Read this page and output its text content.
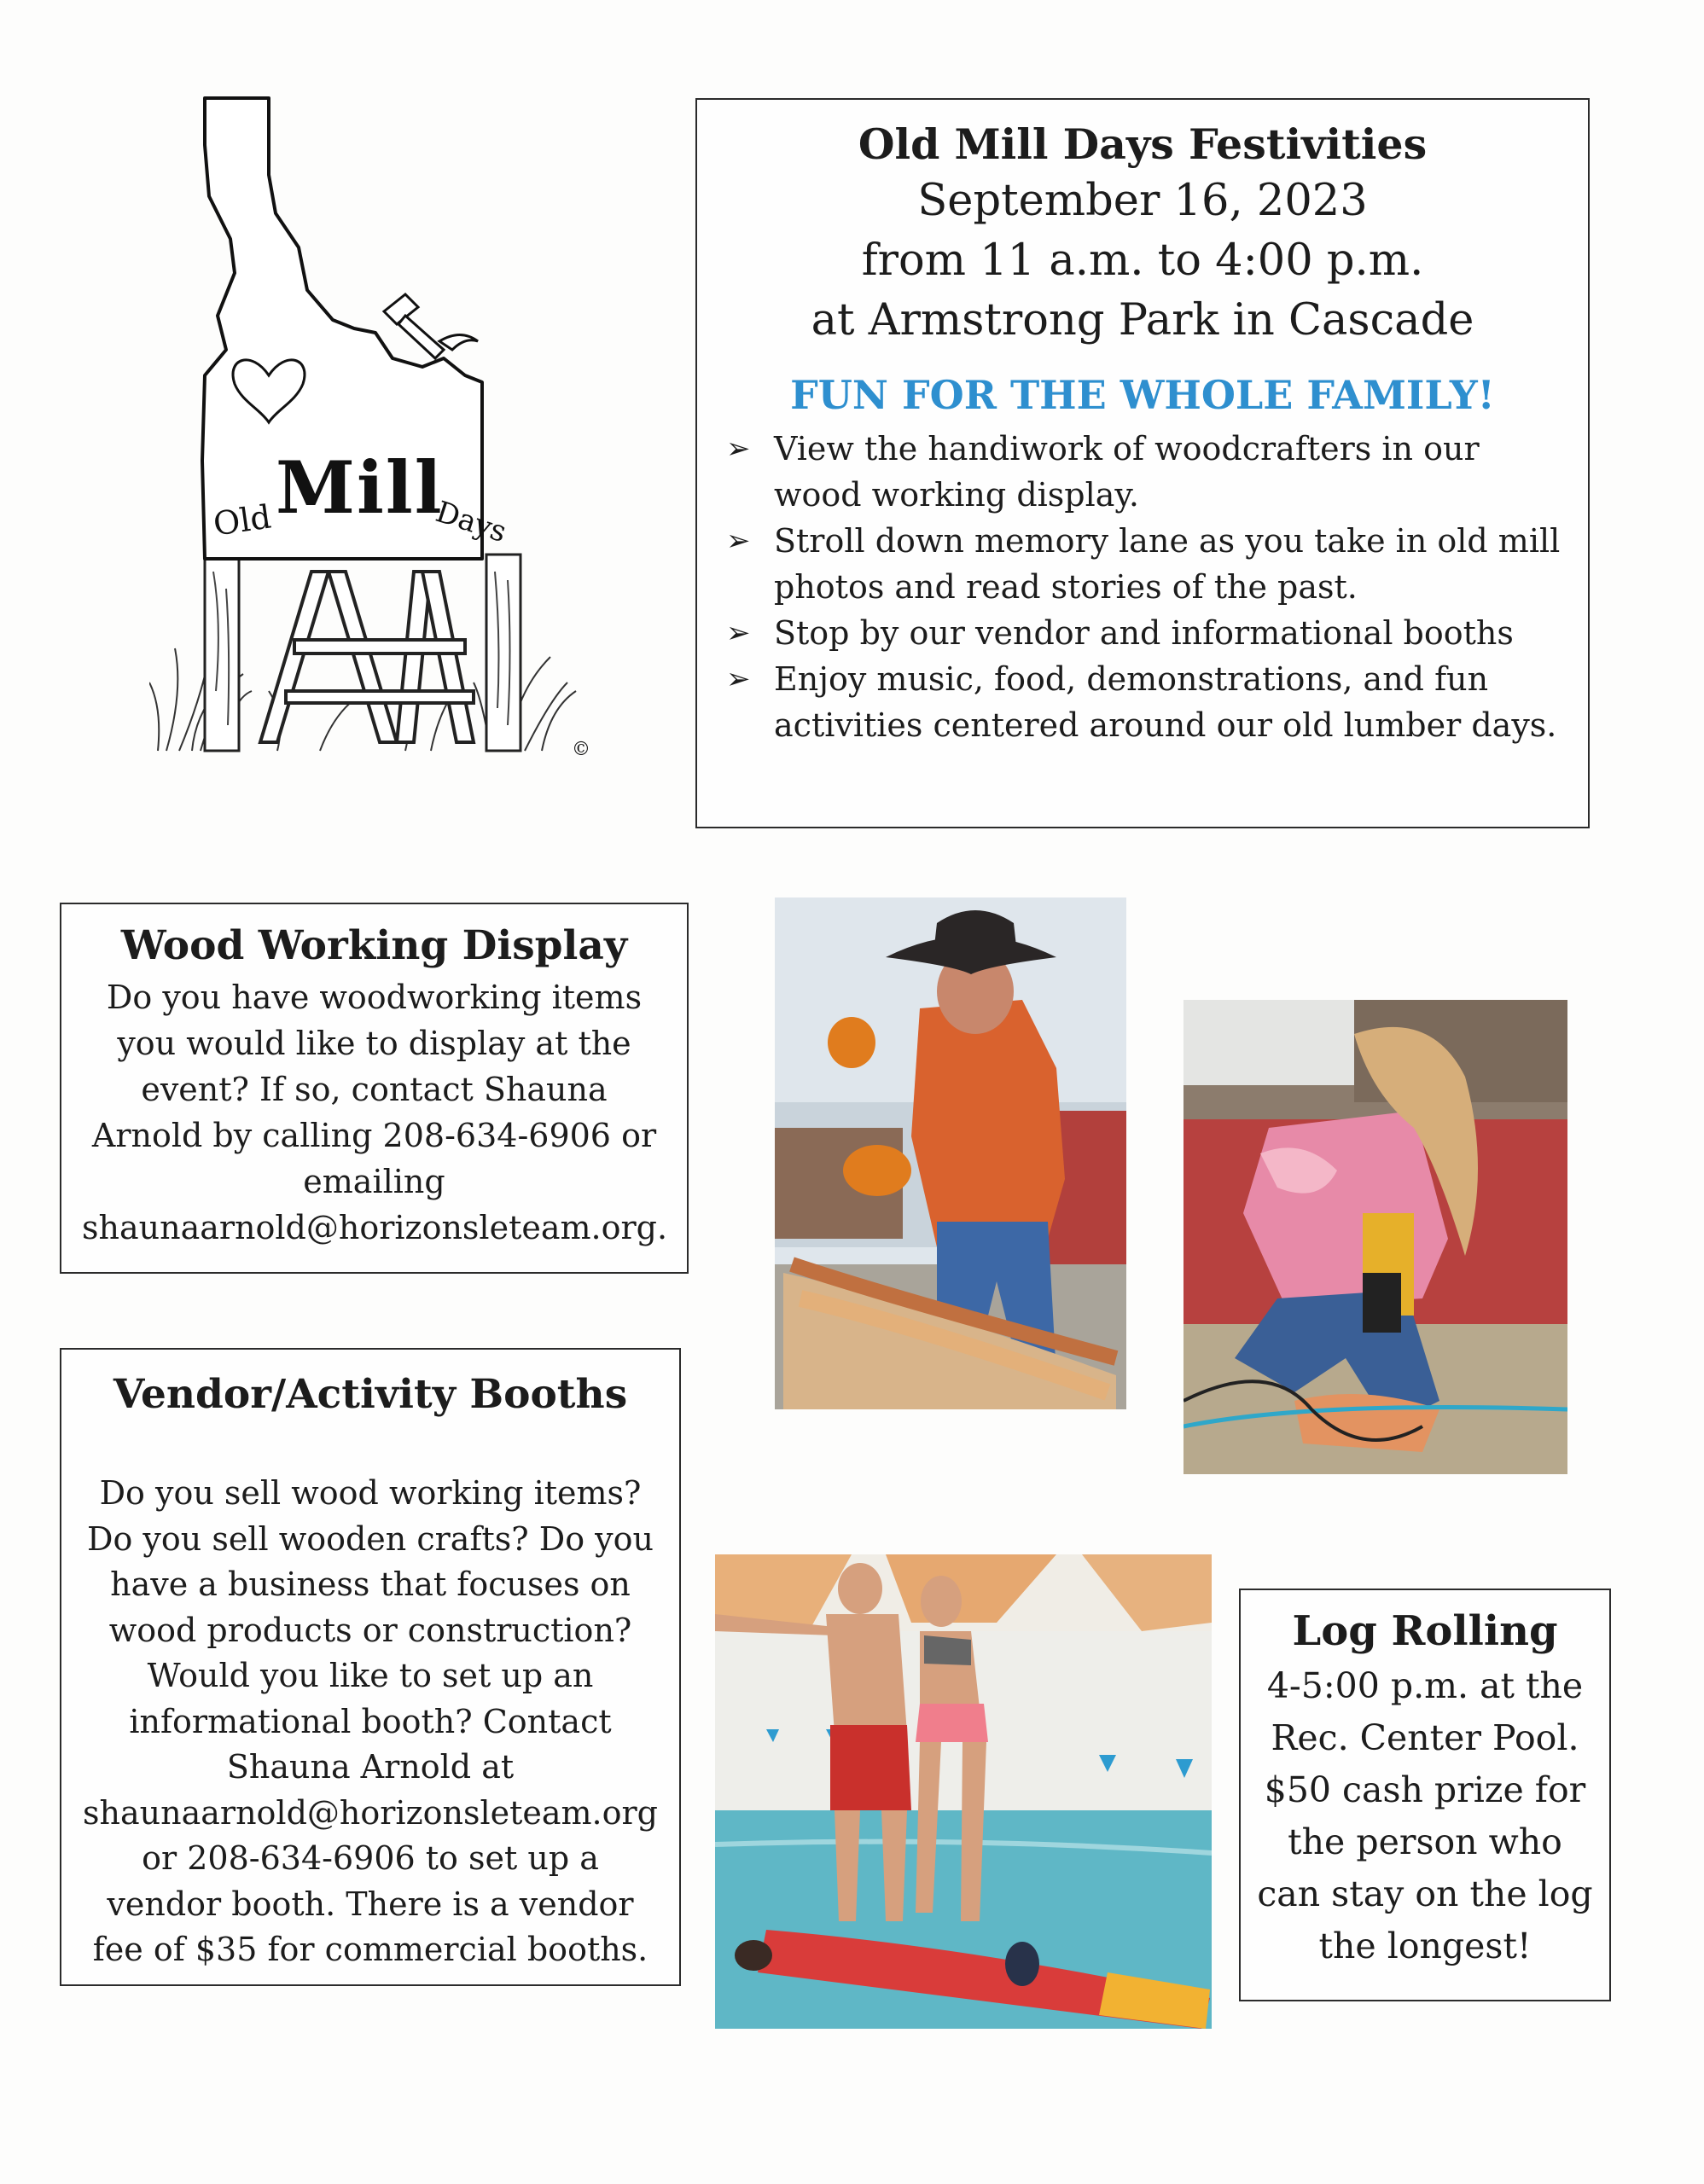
Old Mill
Days
©
Old Mill Days Festivities
September 16, 2023
from 11 a.m. to 4:00 p.m.
at Armstrong Park in Cascade
FUN FOR THE WHOLE FAMILY!
➢ View the handiwork of woodcrafters in our wood working display.
➢ Stroll down memory lane as you take in old mill photos and read stories of the past.
➢ Stop by our vendor and informational booths
➢ Enjoy music, food, demonstrations, and fun activities centered around our old lumber days.
Wood Working Display

Do you have woodworking items you would like to display at the event? If so, contact Shauna Arnold by calling 208-634-6906 or emailing shaunaarnold@horizonsleteam.org.

Vendor/Activity Booths

Do you sell wood working items? Do you sell wooden crafts? Do you have a business that focuses on wood products or construction? Would you like to set up an informational booth? Contact Shauna Arnold at shaunaarnold@horizonsleteam.org or 208-634-6906 to set up a vendor booth. There is a vendor fee of $35 for commercial booths.

Log Rolling

4-5:00 p.m. at the Rec. Center Pool. $50 cash prize for the person who can stay on the log the longest!
